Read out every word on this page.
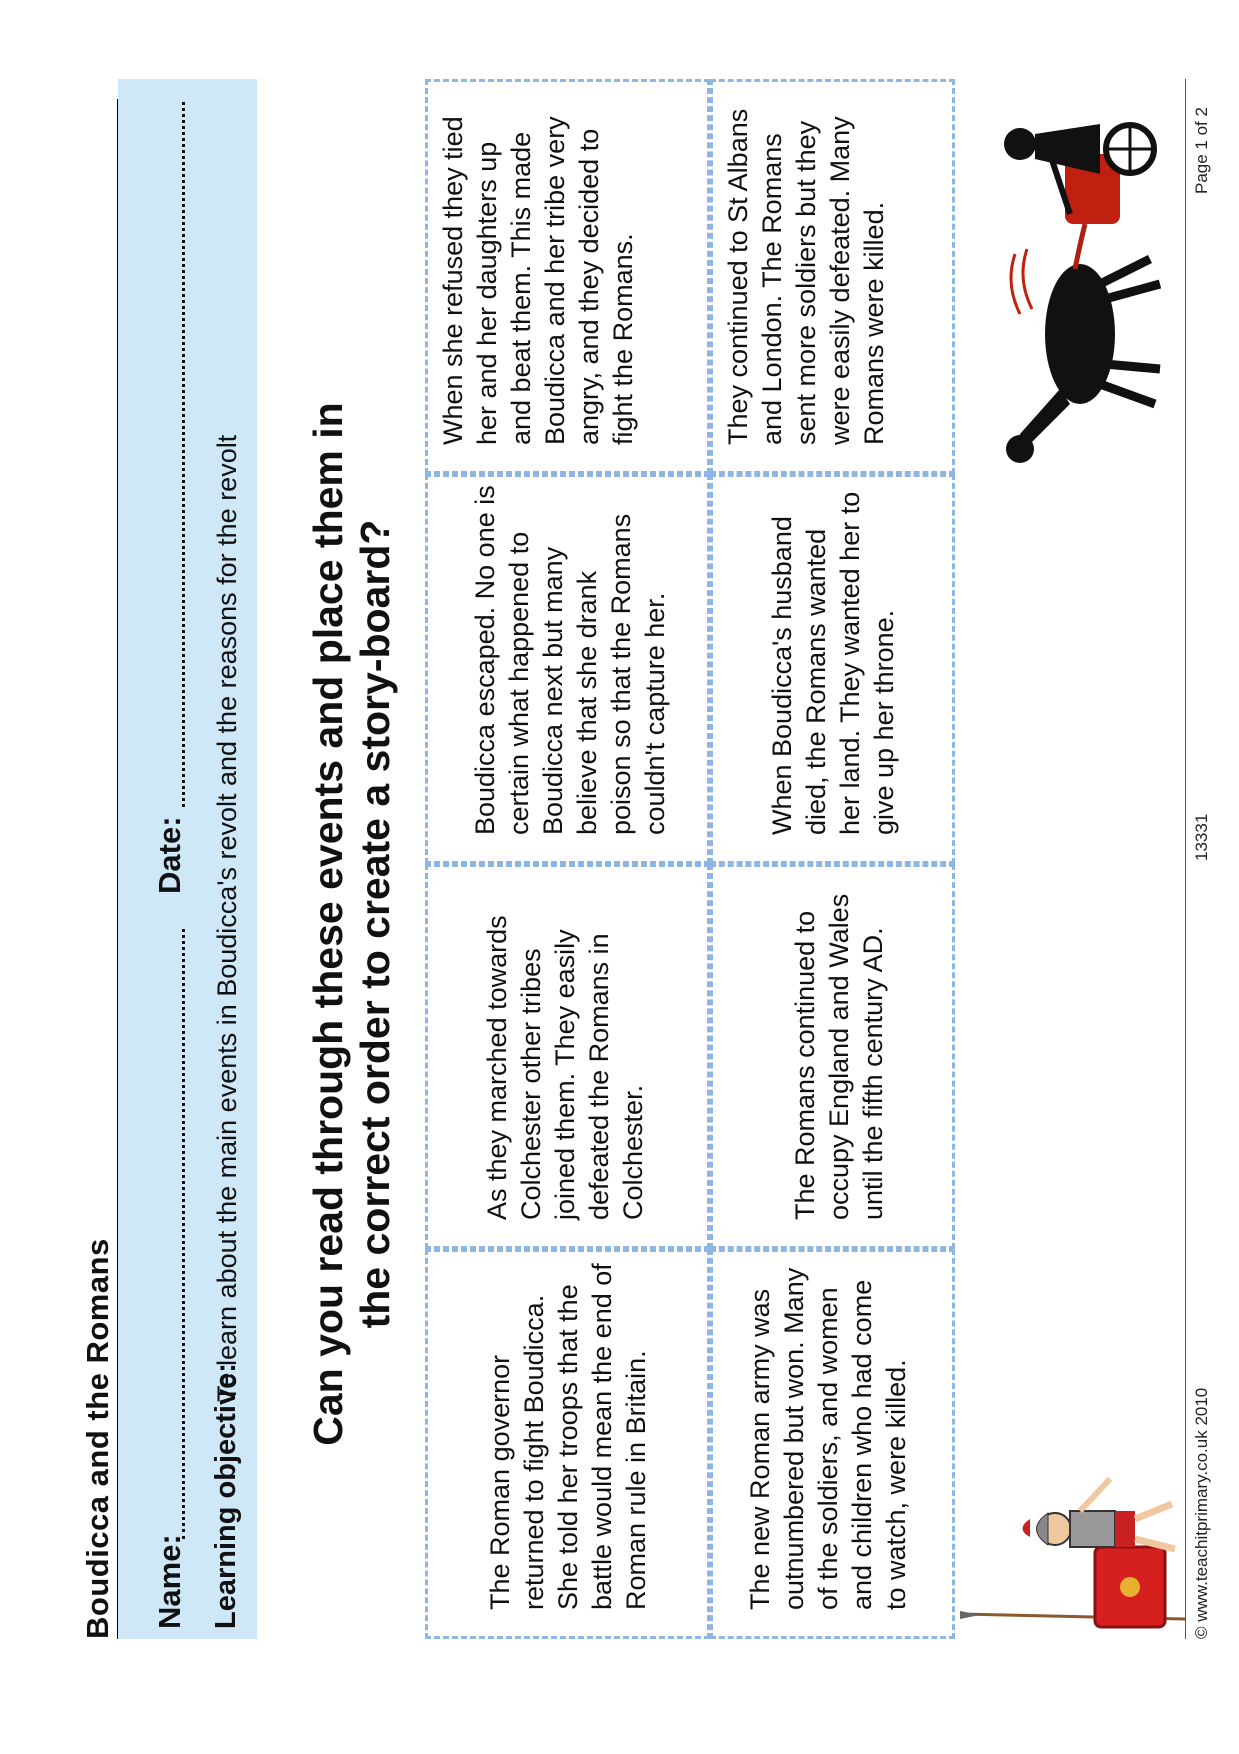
Boudicca and the Romans Name:
Date:
Learning objective:
To learn about the main events in Boudicca's revolt and the reasons for the revolt Can you read through these events and place them in the correct order to create a story-board?
The Roman governor returned to fight Boudicca. She told her troops that the battle would mean the end of Roman rule in Britain.
As they marched towards Colchester other tribes joined them. They easily defeated the Romans in Colchester.
Boudicca escaped. No one is certain what happened to Boudicca next but many believe that she drank poison so that the Romans couldn't capture her.
When she refused they tied her and her daughters up and beat them. This made Boudicca and her tribe very angry, and they decided to fight the Romans.
The new Roman army was outnumbered but won. Many of the soldiers, and women and children who had come to watch, were killed.
The Romans continued to occupy England and Wales until the fifth century AD.
When Boudicca's husband died, the Romans wanted her land. They wanted her to give up her throne.
They continued to St Albans and London. The Romans sent more soldiers but they were easily defeated. Many Romans were killed.
© www.teachitprimary.co.uk 2010
13331
Page 1 of 2
